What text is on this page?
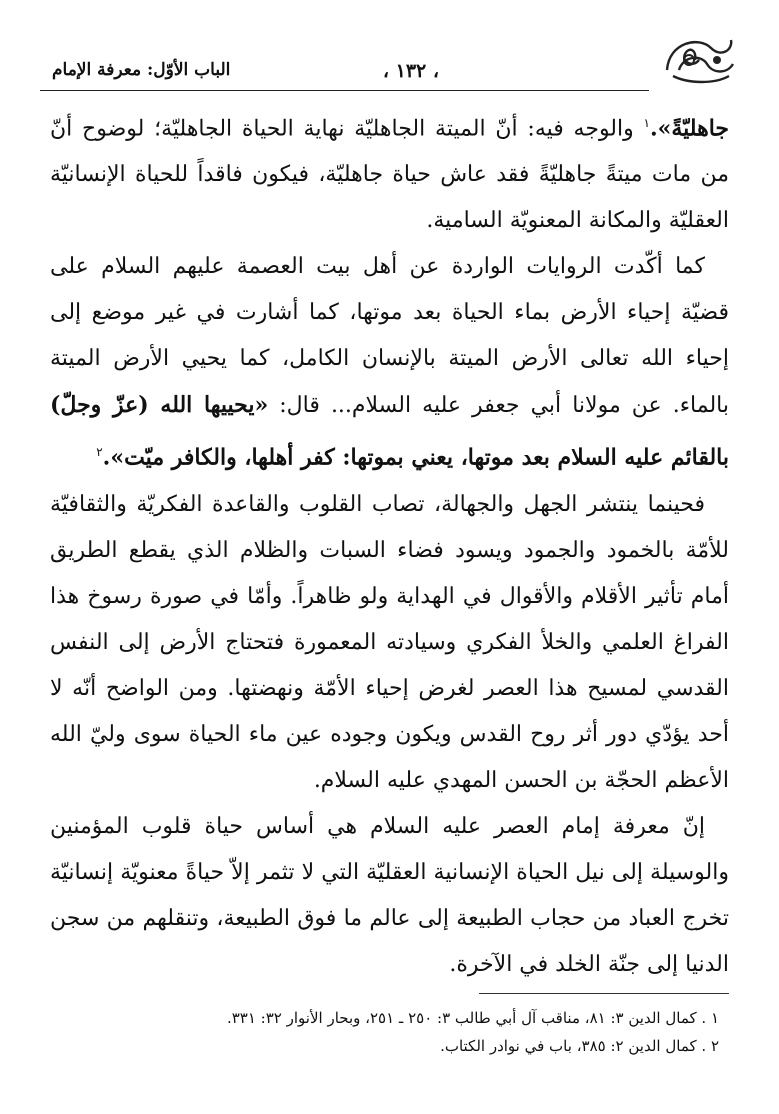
، ١٣٢ ،
الباب الأوّل: معرفة الإمام

جاهليّةً».$^١$ والوجه فيه: أنّ الميتة الجاهليّة نهاية الحياة الجاهليّة؛ لوضوح أنّ من مات ميتةً جاهليّةً فقد عاش حياة جاهليّة، فيكون فاقداً للحياة الإنسانيّة العقليّة والمكانة المعنويّة السامية.

كما أكّدت الروايات الواردة عن أهل بيت العصمة عليهم السلام على قضيّة إحياء الأرض بماء الحياة بعد موتها، كما أشارت في غير موضع إلى إحياء الله تعالى الأرض الميتة بالإنسان الكامل، كما يحيي الأرض الميتة بالماء. عن مولانا أبي جعفر عليه السلام... قال: «يحييها الله (عزّ وجلّ) بالقائم عليه السلام بعد موتها، يعني بموتها: كفر أهلها، والكافر ميّت».$^٢$

فحينما ينتشر الجهل والجهالة، تصاب القلوب والقاعدة الفكريّة والثقافيّة للأمّة بالخمود والجمود ويسود فضاء السبات والظلام الذي يقطع الطريق أمام تأثير الأقلام والأقوال في الهداية ولو ظاهراً. وأمّا في صورة رسوخ هذا الفراغ العلمي والخلأ الفكري وسيادته المعمورة فتحتاج الأرض إلى النفس القدسي لمسيح هذا العصر لغرض إحياء الأمّة ونهضتها. ومن الواضح أنّه لا أحد يؤدّي دور أثر روح القدس ويكون وجوده عين ماء الحياة سوى وليّ الله الأعظم الحجّة بن الحسن المهدي عليه السلام.

إنّ معرفة إمام العصر عليه السلام هي أساس حياة قلوب المؤمنين والوسيلة إلى نيل الحياة الإنسانية العقليّة التي لا تثمر إلاّ حياةً معنويّة إنسانيّة تخرج العباد من حجاب الطبيعة إلى عالم ما فوق الطبيعة، وتنقلهم من سجن الدنيا إلى جنّة الخلد في الآخرة.

١ . كمال الدين ٣: ٨١، مناقب آل أبي طالب ٣: ٢٥٠ ـ ٢٥١، وبحار الأنوار ٣٢: ٣٣١.
٢ . كمال الدين ٢: ٣٨٥، باب في نوادر الكتاب.
